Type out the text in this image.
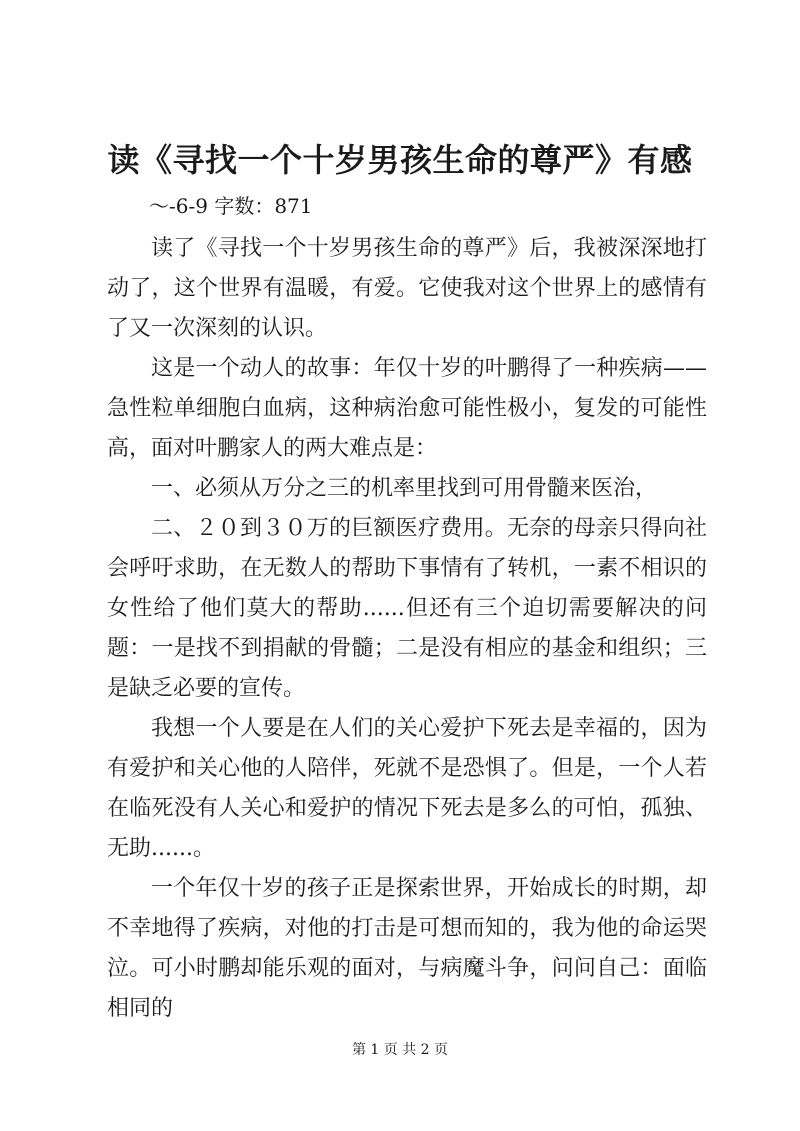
读《寻找一个十岁男孩生命的尊严》有感

～-6-9 字数：871

读了《寻找一个十岁男孩生命的尊严》后，我被深深地打动了，这个世界有温暖，有爱。它使我对这个世界上的感情有了又一次深刻的认识。

这是一个动人的故事：年仅十岁的叶鹏得了一种疾病——急性粒单细胞白血病，这种病治愈可能性极小，复发的可能性高，面对叶鹏家人的两大难点是：

一、必须从万分之三的机率里找到可用骨髓来医治，

二、２０到３０万的巨额医疗费用。无奈的母亲只得向社会呼吁求助，在无数人的帮助下事情有了转机，一素不相识的女性给了他们莫大的帮助......但还有三个迫切需要解决的问题：一是找不到捐献的骨髓；二是没有相应的基金和组织；三是缺乏必要的宣传。

我想一个人要是在人们的关心爱护下死去是幸福的，因为有爱护和关心他的人陪伴，死就不是恐惧了。但是，一个人若在临死没有人关心和爱护的情况下死去是多么的可怕，孤独、无助......。

一个年仅十岁的孩子正是探索世界，开始成长的时期，却不幸地得了疾病，对他的打击是可想而知的，我为他的命运哭泣。可小时鹏却能乐观的面对，与病魔斗争，问问自己：面临相同的

第 1 页 共 2 页
